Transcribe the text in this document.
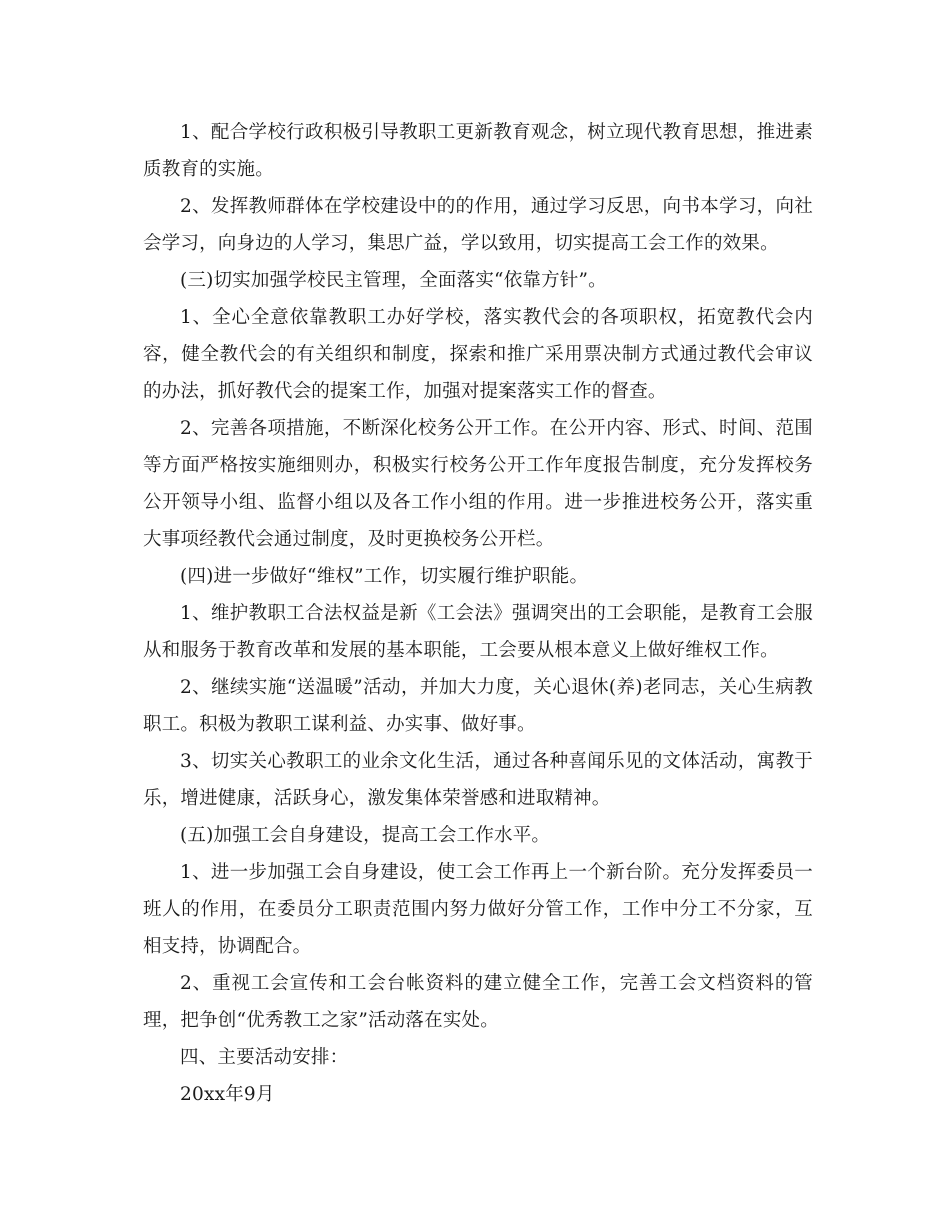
1、配合学校行政积极引导教职工更新教育观念，树立现代教育思想，推进素质教育的实施。

2、发挥教师群体在学校建设中的的作用，通过学习反思，向书本学习，向社会学习，向身边的人学习，集思广益，学以致用，切实提高工会工作的效果。

(三)切实加强学校民主管理，全面落实“依靠方针”。

1、全心全意依靠教职工办好学校，落实教代会的各项职权，拓宽教代会内容，健全教代会的有关组织和制度，探索和推广采用票决制方式通过教代会审议的办法，抓好教代会的提案工作，加强对提案落实工作的督查。

2、完善各项措施，不断深化校务公开工作。在公开内容、形式、时间、范围等方面严格按实施细则办，积极实行校务公开工作年度报告制度，充分发挥校务公开领导小组、监督小组以及各工作小组的作用。进一步推进校务公开，落实重大事项经教代会通过制度，及时更换校务公开栏。

(四)进一步做好“维权”工作，切实履行维护职能。

1、维护教职工合法权益是新《工会法》强调突出的工会职能，是教育工会服从和服务于教育改革和发展的基本职能，工会要从根本意义上做好维权工作。

2、继续实施“送温暖”活动，并加大力度，关心退休(养)老同志，关心生病教职工。积极为教职工谋利益、办实事、做好事。

3、切实关心教职工的业余文化生活，通过各种喜闻乐见的文体活动，寓教于乐，增进健康，活跃身心，激发集体荣誉感和进取精神。

(五)加强工会自身建设，提高工会工作水平。

1、进一步加强工会自身建设，使工会工作再上一个新台阶。充分发挥委员一班人的作用，在委员分工职责范围内努力做好分管工作，工作中分工不分家，互相支持，协调配合。

2、重视工会宣传和工会台帐资料的建立健全工作，完善工会文档资料的管理，把争创“优秀教工之家”活动落在实处。

四、主要活动安排：

20xx年9月
